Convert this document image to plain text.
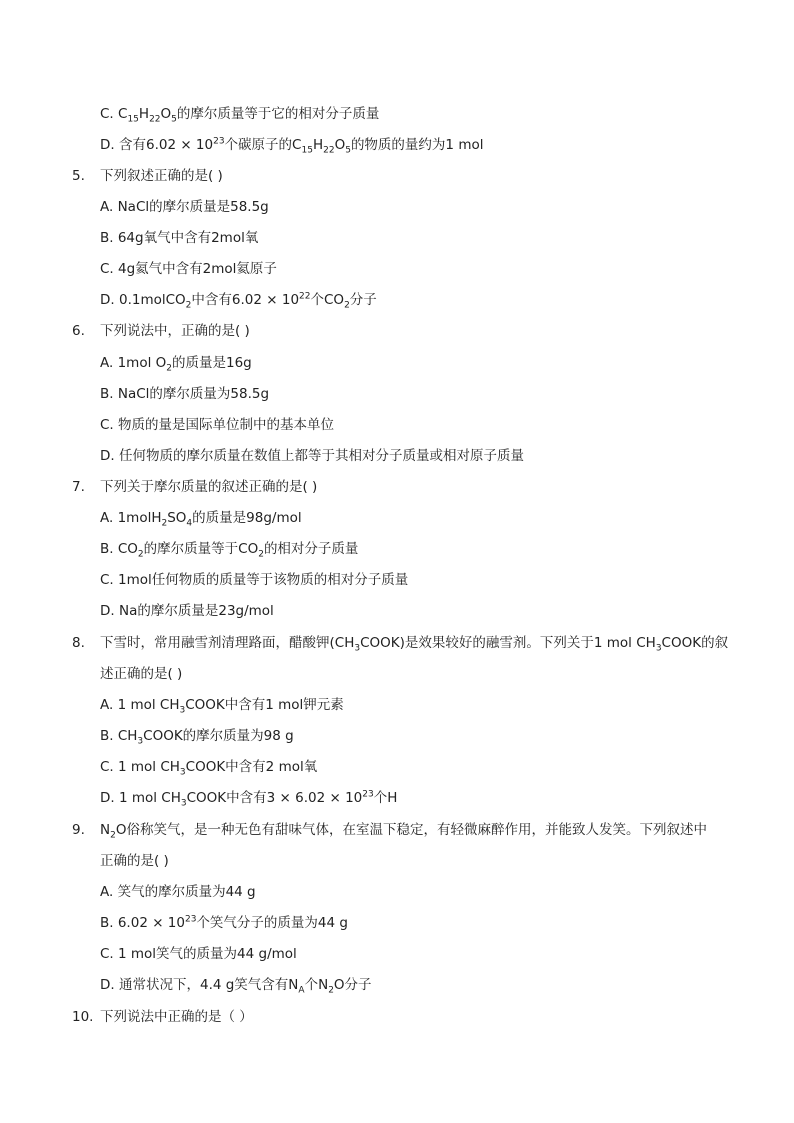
C. $C_{15}H_{22}O_5$的摩尔质量等于它的相对分子质量
D. 含有$6.02 \times 10^{23}$个碳原子的$C_{15}H_{22}O_5$的物质的量约为1 mol
5. 下列叙述正确的是( )
A. NaCl的摩尔质量是58.5g
B. 64g氧气中含有2mol氧
C. 4g氦气中含有2mol氦原子
D. 0.1molCO$_2$中含有$6.02 \times 10^{22}$个$CO_2$分子
6. 下列说法中，正确的是( )
A. 1mol $O_2$的质量是16g
B. NaCl的摩尔质量为58.5g
C. 物质的量是国际单位制中的基本单位
D. 任何物质的摩尔质量在数值上都等于其相对分子质量或相对原子质量
7. 下列关于摩尔质量的叙述正确的是( )
A. $1molH_2SO_4$的质量是98g/mol
B. $CO_2$的摩尔质量等于$CO_2$的相对分子质量
C. 1mol任何物质的质量等于该物质的相对分子质量
D. Na的摩尔质量是23g/mol
8. 下雪时，常用融雪剂清理路面，醋酸钾$(CH_3COOK)$是效果较好的融雪剂。下列关于1 mol $CH_3COOK$的叙
述正确的是( )
A. 1 mol $CH_3COOK$中含有1 mol钾元素
B. $CH_3COOK$的摩尔质量为98 g
C. 1 mol $CH_3COOK$中含有2 mol氧
D. 1 mol $CH_3COOK$中含有$3 \times 6.02 \times 10^{23}$个H
9. $N_2O$俗称笑气，是一种无色有甜味气体，在室温下稳定，有轻微麻醉作用，并能致人发笑。下列叙述中
正确的是( )
A. 笑气的摩尔质量为44 g
B. $6.02 \times 10^{23}$个笑气分子的质量为44 g
C. 1 mol笑气的质量为44 g/mol
D. 通常状况下，4.4 g笑气含有$N_A$个$N_2O$分子
10. 下列说法中正确的是（ ）
